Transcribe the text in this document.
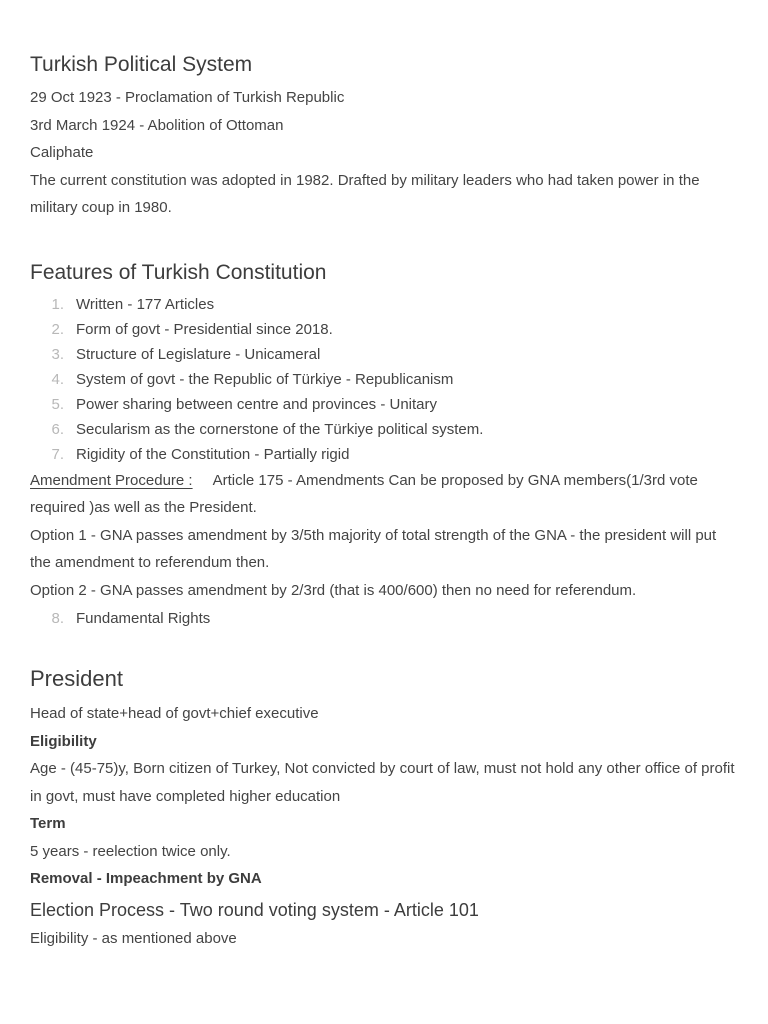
Turkish Political System

29 Oct 1923 - Proclamation of Turkish Republic

3rd March 1924 - Abolition of Ottoman

Caliphate

The current constitution was adopted in 1982. Drafted by military leaders who had taken power in the military coup in 1980.

Features of Turkish Constitution
1. Written - 177 Articles
2. Form of govt - Presidential since 2018.
3. Structure of Legislature - Unicameral
4. System of govt - the Republic of Türkiye - Republicanism
5. Power sharing between centre and provinces - Unitary
6. Secularism as the cornerstone of the Türkiye political system.
7. Rigidity of the Constitution - Partially rigid

Amendment Procedure : Article 175 - Amendments Can be proposed by GNA members(1/3rd vote required )as well as the President.

Option 1 - GNA passes amendment by 3/5th majority of total strength of the GNA - the president will put the amendment to referendum then.

Option 2 - GNA passes amendment by 2/3rd (that is 400/600) then no need for referendum.

8. Fundamental Rights
President

Head of state+head of govt+chief executive

Eligibility

Age - (45-75)y, Born citizen of Turkey, Not convicted by court of law, must not hold any other office of profit in govt, must have completed higher education

Term

5 years - reelection twice only.

Removal - Impeachment by GNA

Election Process - Two round voting system - Article 101

Eligibility - as mentioned above
